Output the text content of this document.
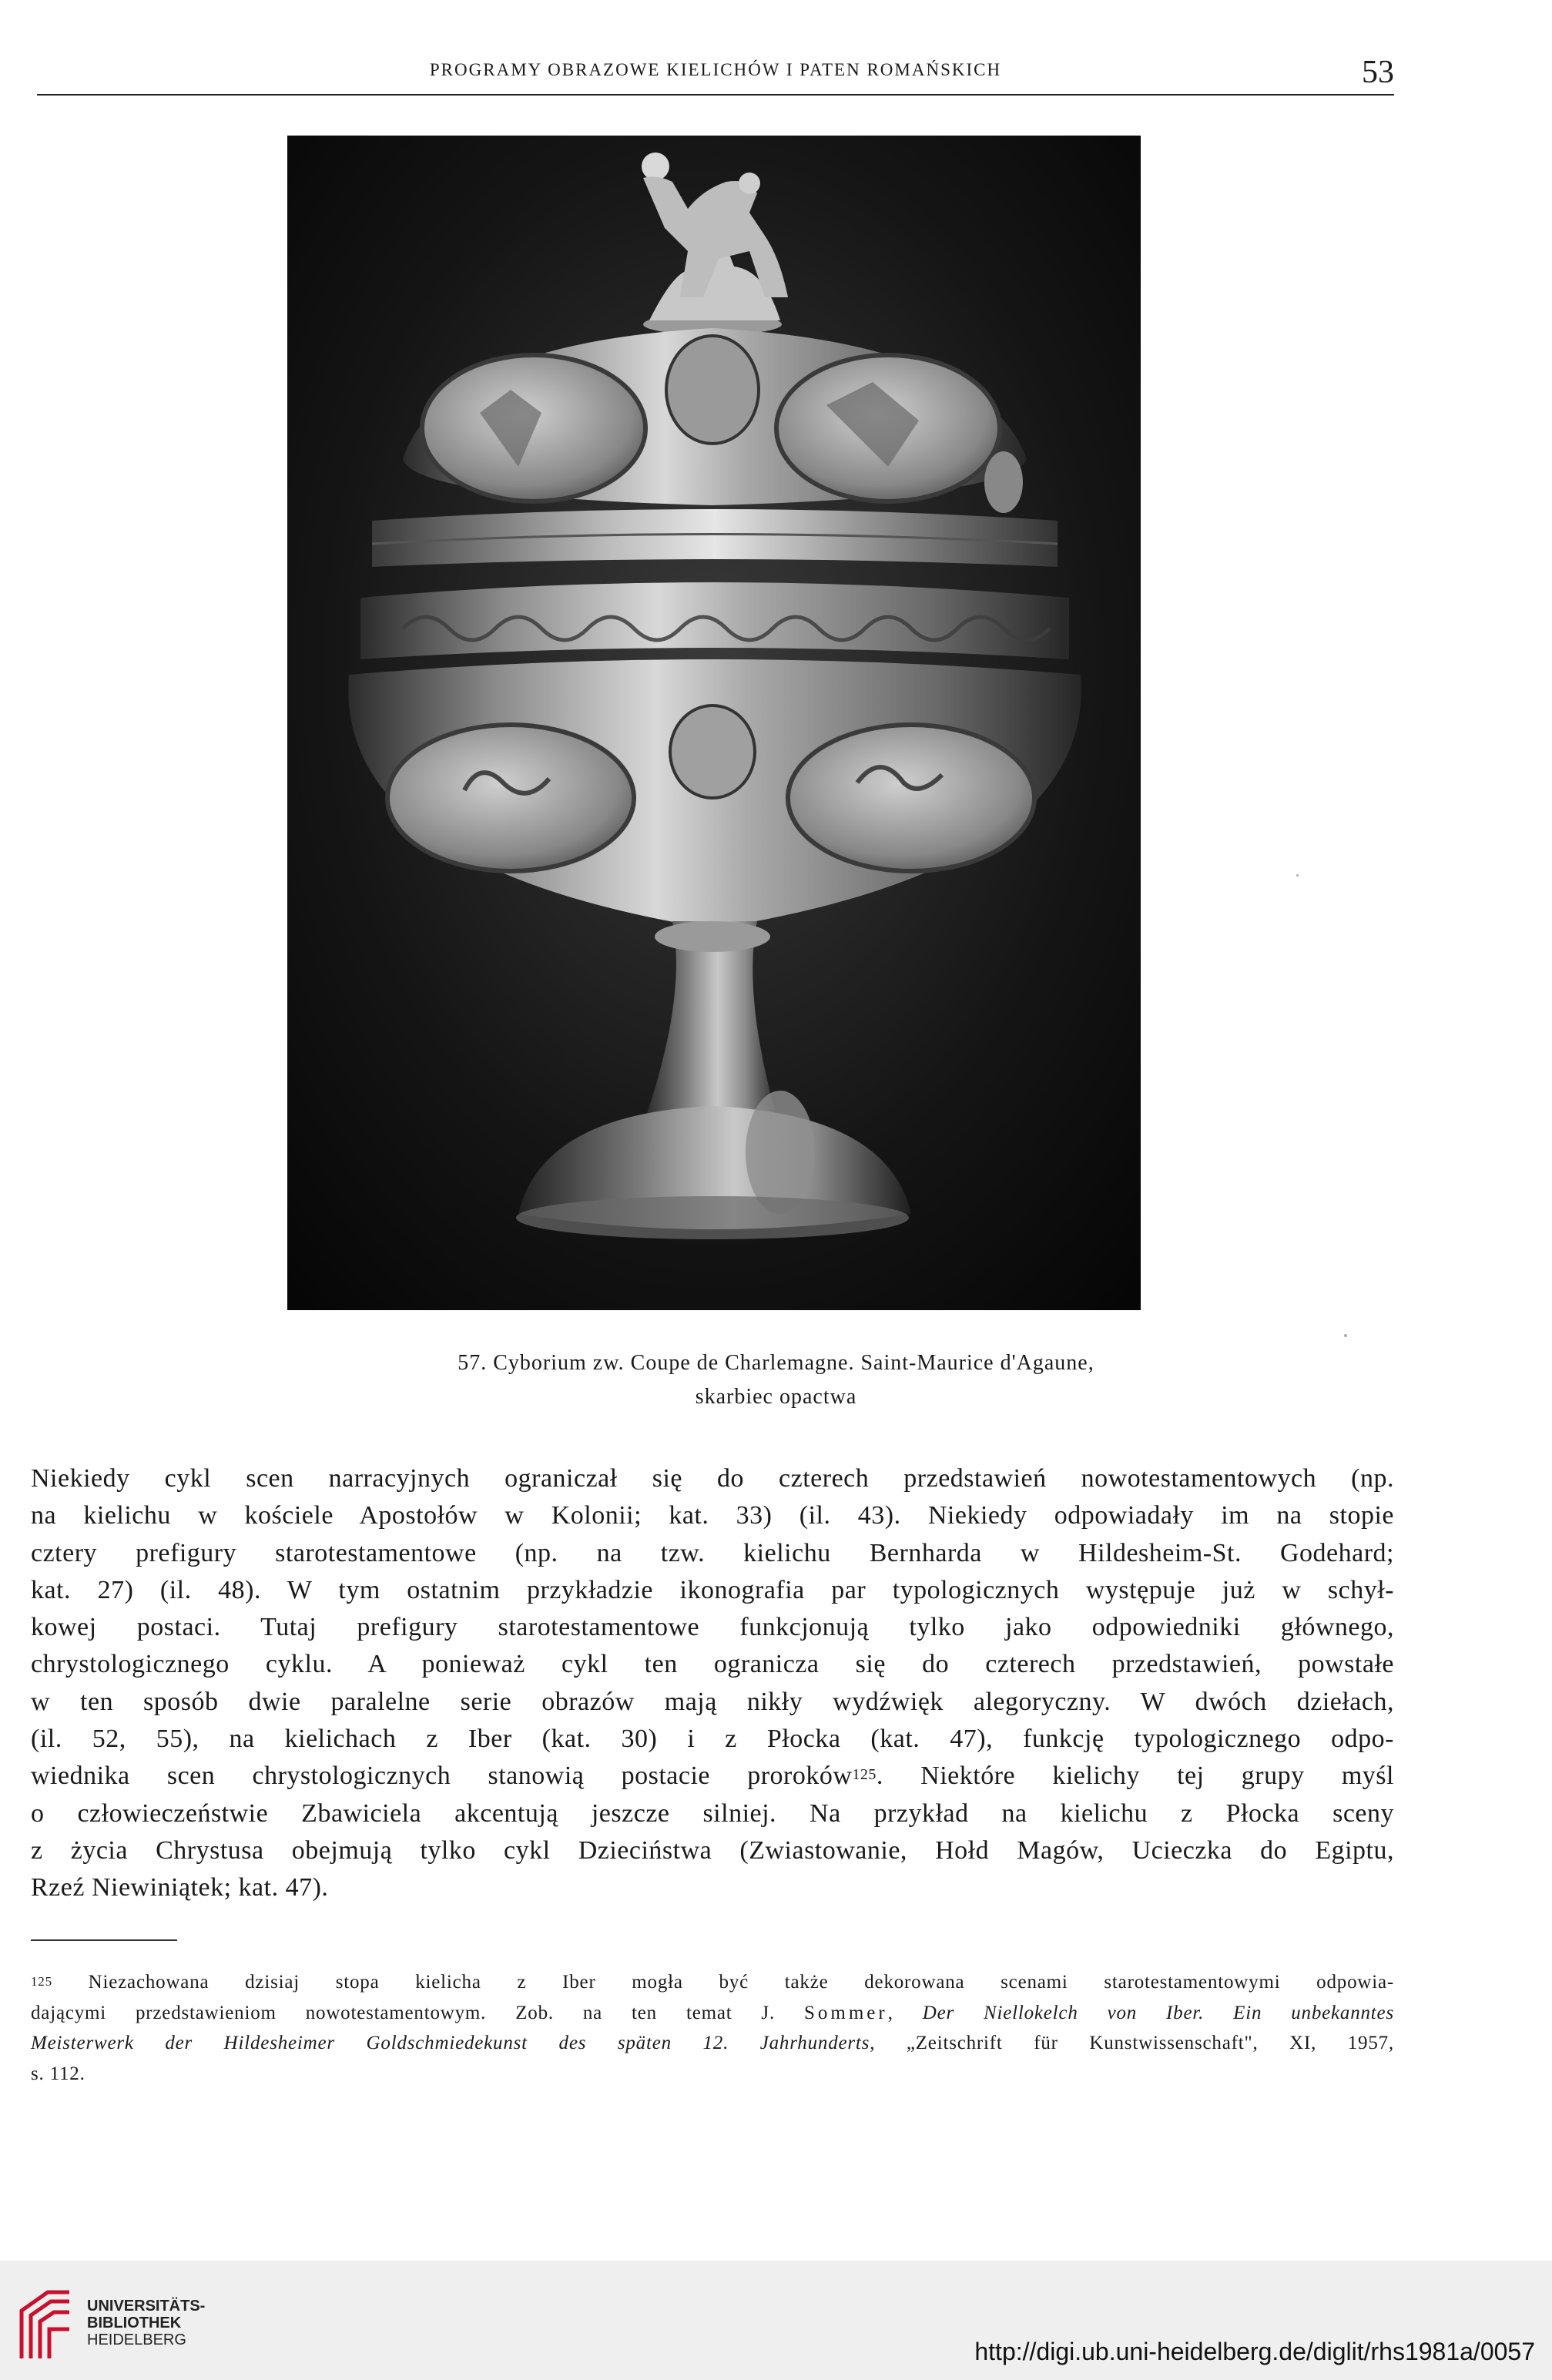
PROGRAMY OBRAZOWE KIELICHÓW I PATEN ROMAŃSKICH	53
57. Cyborium zw. Coupe de Charlemagne. Saint-Maurice d'Agaune,
skarbiec opactwa
Niekiedy cykl scen narracyjnych ograniczał się do czterech przedstawień nowotestamentowych (np.
na kielichu w kościele Apostołów w Kolonii; kat. 33) (il. 43). Niekiedy odpowiadały im na stopie
cztery prefigury starotestamentowe (np. na tzw. kielichu Bernharda w Hildesheim-St. Godehard;
kat. 27) (il. 48). W tym ostatnim przykładzie ikonografia par typologicznych występuje już w schył-
kowej postaci. Tutaj prefigury starotestamentowe funkcjonują tylko jako odpowiedniki głównego,
chrystologicznego cyklu. A ponieważ cykl ten ogranicza się do czterech przedstawień, powstałe
w ten sposób dwie paralelne serie obrazów mają nikły wydźwięk alegoryczny. W dwóch dziełach,
(il. 52, 55), na kielichach z Iber (kat. 30) i z Płocka (kat. 47), funkcję typologicznego odpo-
wiednika scen chrystologicznych stanowią postacie proroków$^{125}$. Niektóre kielichy tej grupy myśl
o człowieczeństwie Zbawiciela akcentują jeszcze silniej. Na przykład na kielichu z Płocka sceny
z życia Chrystusa obejmują tylko cykl Dzieciństwa (Zwiastowanie, Hołd Magów, Ucieczka do Egiptu,
Rzeź Niewiniątek; kat. 47).
$^{125}$ Niezachowana dzisiaj stopa kielicha z Iber mogła być także dekorowana scenami starotestamentowymi odpowia-
dającymi przedstawieniom nowotestamentowym. Zob. na ten temat J. Sommer, Der Niellokelch von Iber. Ein unbekanntes
Meisterwerk der Hildesheimer Goldschmiedekunst des späten 12. Jahrhunderts, „Zeitschrift für Kunstwissenschaft", XI, 1957,
s. 112.
UNIVERSITÄTS-
BIBLIOTHEK
HEIDELBERG	http://digi.ub.uni-heidelberg.de/diglit/rhs1981a/0057
